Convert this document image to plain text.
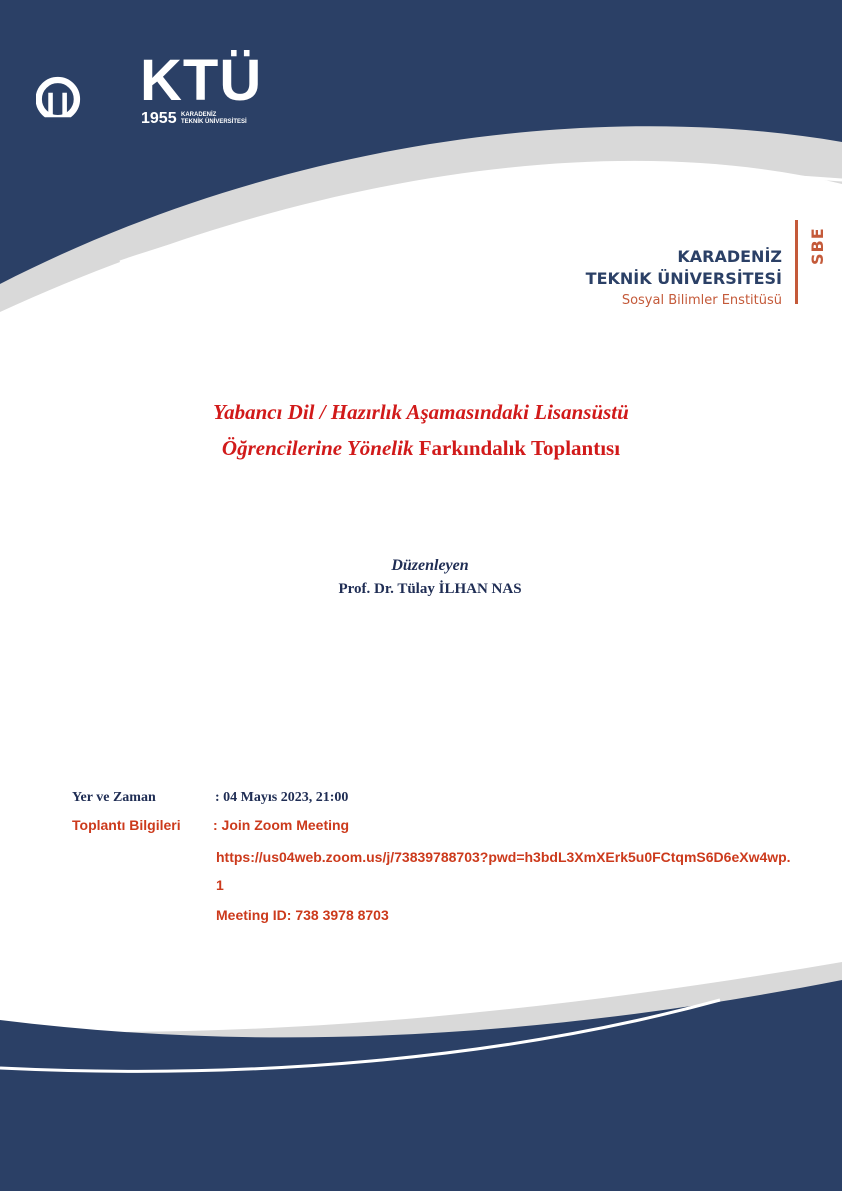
KTÜ
1955 KARADENİZ
TEKNİK ÜNİVERSİTESİ
KARADENİZ
TEKNİK ÜNİVERSİTESİ
Sosyal Bilimler Enstitüsü
SBE
Yabancı Dil / Hazırlık Aşamasındaki Lisansüstü
Öğrencilerine Yönelik Farkındalık Toplantısı
Düzenleyen
Prof. Dr. Tülay İLHAN NAS
Yer ve Zaman	: 04 Mayıs 2023, 21:00
Toplantı Bilgileri : Join Zoom Meeting
https://us04web.zoom.us/j/73839788703?pwd=h3bdL3XmXErk5u0FCtqmS6D6eXw4wp.1
Meeting ID: 738 3978 8703
